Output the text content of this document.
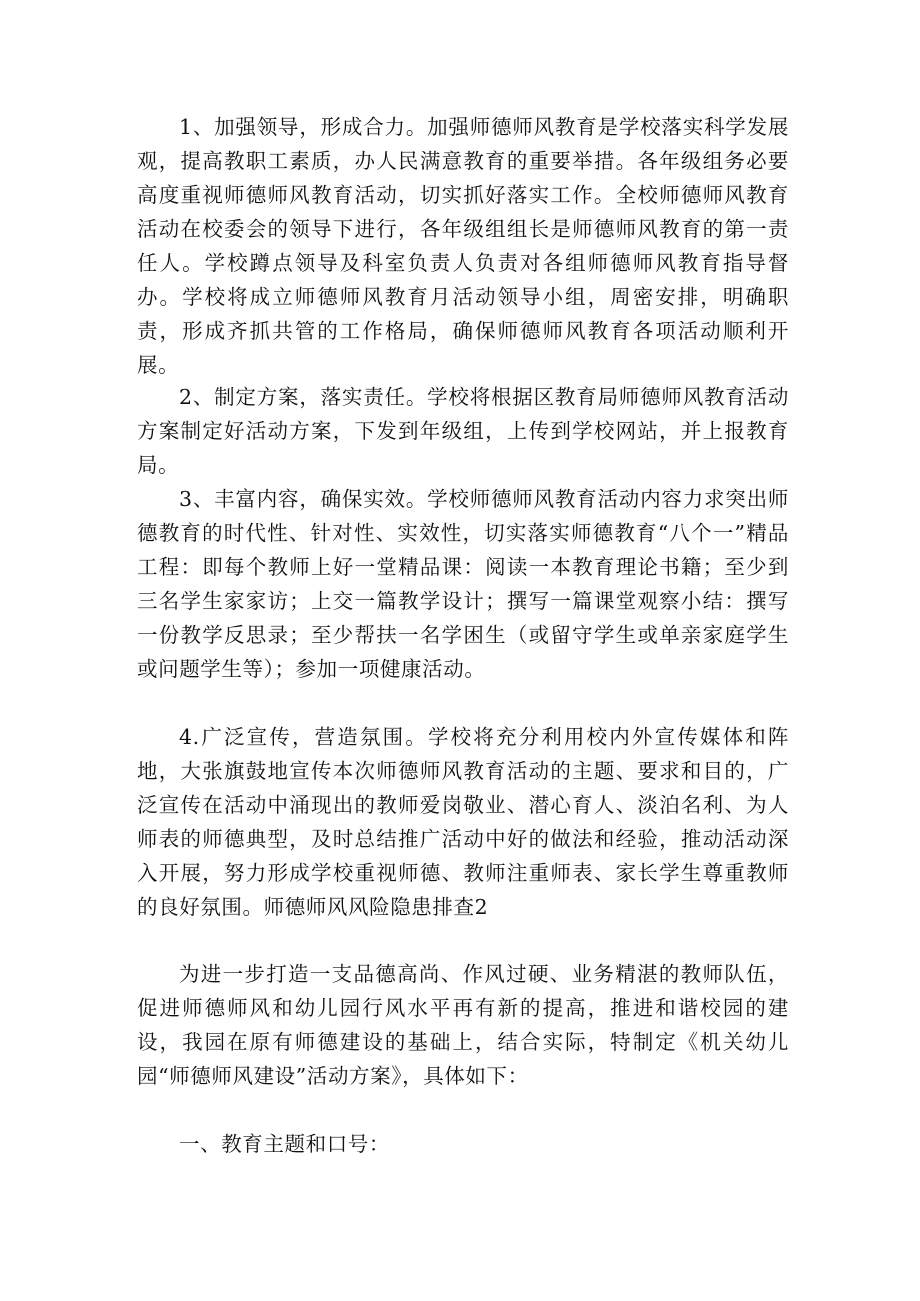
1、加强领导，形成合力。加强师德师风教育是学校落实科学发展观，提高教职工素质，办人民满意教育的重要举措。各年级组务必要高度重视师德师风教育活动，切实抓好落实工作。全校师德师风教育活动在校委会的领导下进行，各年级组组长是师德师风教育的第一责任人。学校蹲点领导及科室负责人负责对各组师德师风教育指导督办。学校将成立师德师风教育月活动领导小组，周密安排，明确职责，形成齐抓共管的工作格局，确保师德师风教育各项活动顺利开展。

2、制定方案，落实责任。学校将根据区教育局师德师风教育活动方案制定好活动方案，下发到年级组，上传到学校网站，并上报教育局。

3、丰富内容，确保实效。学校师德师风教育活动内容力求突出师德教育的时代性、针对性、实效性，切实落实师德教育“八个一”精品工程：即每个教师上好一堂精品课：阅读一本教育理论书籍；至少到三名学生家家访；上交一篇教学设计；撰写一篇课堂观察小结：撰写一份教学反思录；至少帮扶一名学困生（或留守学生或单亲家庭学生或问题学生等）；参加一项健康活动。

4.广泛宣传，营造氛围。学校将充分利用校内外宣传媒体和阵地，大张旗鼓地宣传本次师德师风教育活动的主题、要求和目的，广泛宣传在活动中涌现出的教师爱岗敬业、潜心育人、淡泊名利、为人师表的师德典型，及时总结推广活动中好的做法和经验，推动活动深入开展，努力形成学校重视师德、教师注重师表、家长学生尊重教师的良好氛围。师德师风风险隐患排查2

为进一步打造一支品德高尚、作风过硬、业务精湛的教师队伍，促进师德师风和幼儿园行风水平再有新的提高，推进和谐校园的建设，我园在原有师德建设的基础上，结合实际，特制定《机关幼儿园“师德师风建设”活动方案》，具体如下：

一、教育主题和口号：
